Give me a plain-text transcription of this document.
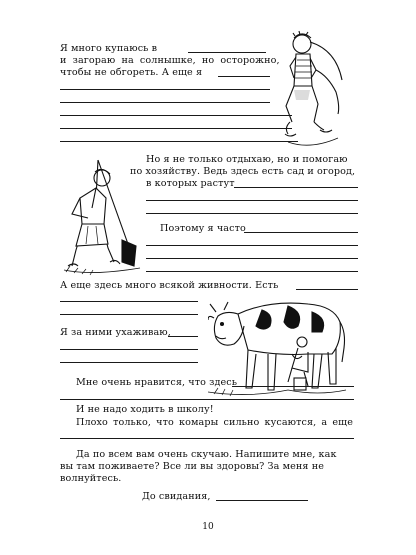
Я много купаюсь в
и загораю на солнышке, но осторожно,
чтобы не обгореть. А еще я
Но я не только отдыхаю, но и помогаю
по хозяйству. Ведь здесь есть сад и огород,
в которых растут
Поэтому я часто
А еще здесь много всякой живности. Есть
Я за ними ухаживаю,
Мне очень нравится, что здесь
И не надо ходить в школу!
Плохо только, что комары сильно кусаются, а еще
Да по всем вам очень скучаю. Напишите мне, как
вы там поживаете? Все ли вы здоровы? За меня не
волнуйтесь.
До свидания,
10
